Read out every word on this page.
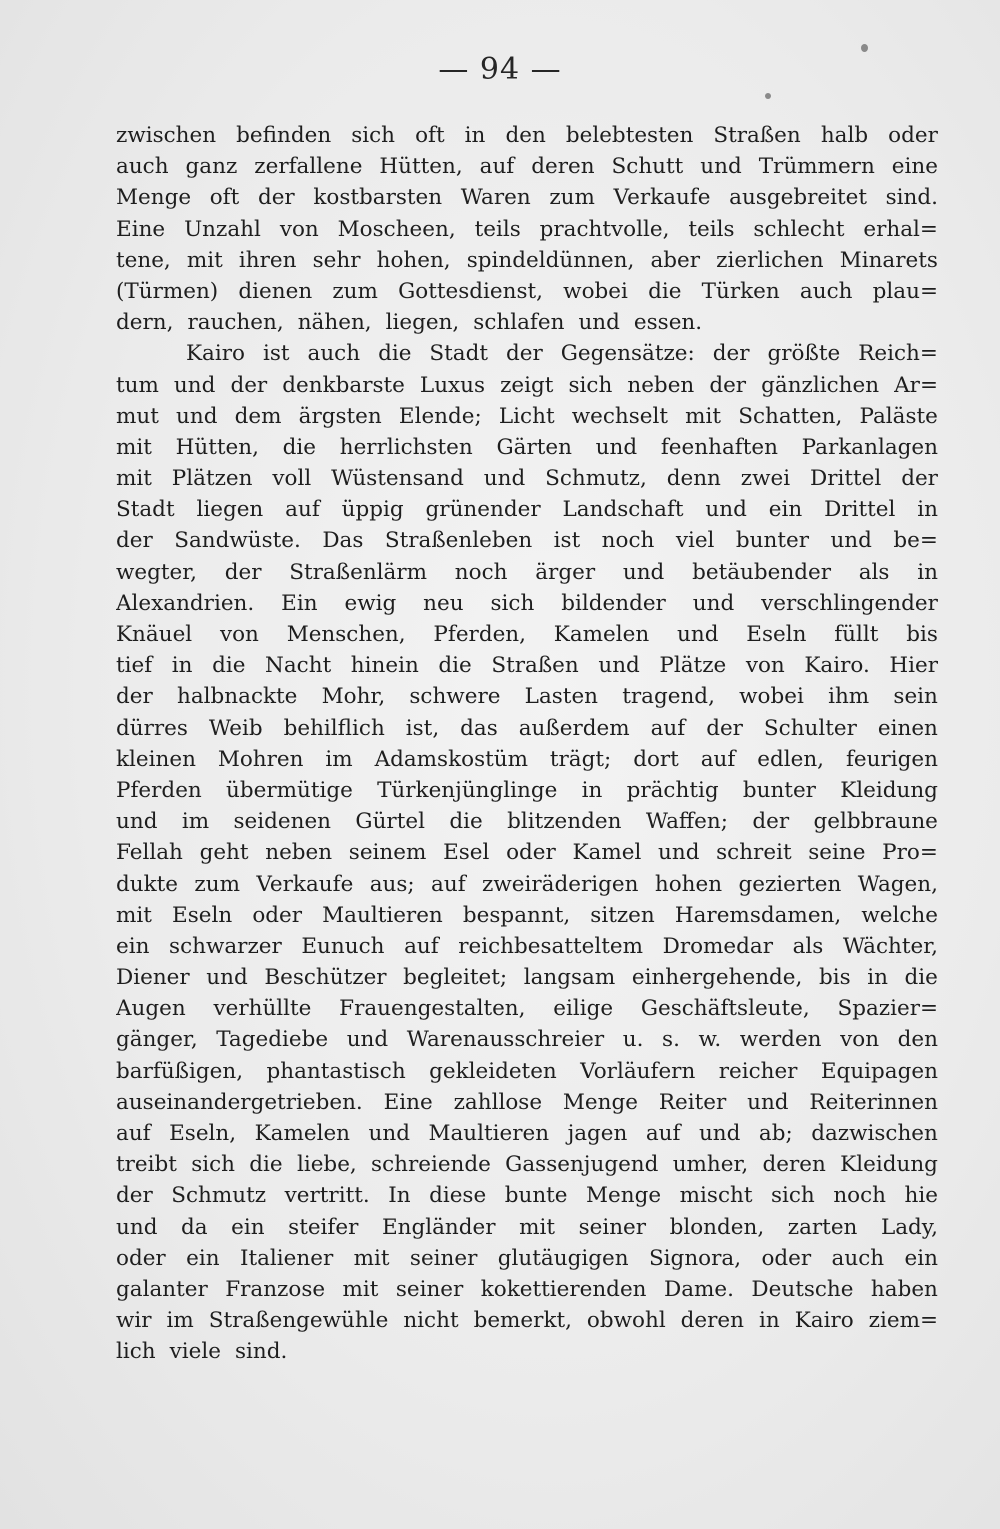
— 94 —
zwischen befinden sich oft in den belebtesten Straßen halb oder
auch ganz zerfallene Hütten, auf deren Schutt und Trümmern eine
Menge oft der kostbarsten Waren zum Verkaufe ausgebreitet sind.
Eine Unzahl von Moscheen, teils prachtvolle, teils schlecht erhal=
tene, mit ihren sehr hohen, spindeldünnen, aber zierlichen Minarets
(Türmen) dienen zum Gottesdienst, wobei die Türken auch plau=
dern, rauchen, nähen, liegen, schlafen und essen.
Kairo ist auch die Stadt der Gegensätze: der größte Reich=
tum und der denkbarste Luxus zeigt sich neben der gänzlichen Ar=
mut und dem ärgsten Elende; Licht wechselt mit Schatten, Paläste
mit Hütten, die herrlichsten Gärten und feenhaften Parkanlagen
mit Plätzen voll Wüstensand und Schmutz, denn zwei Drittel der
Stadt liegen auf üppig grünender Landschaft und ein Drittel in
der Sandwüste. Das Straßenleben ist noch viel bunter und be=
wegter, der Straßenlärm noch ärger und betäubender als in
Alexandrien. Ein ewig neu sich bildender und verschlingender
Knäuel von Menschen, Pferden, Kamelen und Eseln füllt bis
tief in die Nacht hinein die Straßen und Plätze von Kairo. Hier
der halbnackte Mohr, schwere Lasten tragend, wobei ihm sein
dürres Weib behilflich ist, das außerdem auf der Schulter einen
kleinen Mohren im Adamskostüm trägt; dort auf edlen, feurigen
Pferden übermütige Türkenjünglinge in prächtig bunter Kleidung
und im seidenen Gürtel die blitzenden Waffen; der gelbbraune
Fellah geht neben seinem Esel oder Kamel und schreit seine Pro=
dukte zum Verkaufe aus; auf zweiräderigen hohen gezierten Wagen,
mit Eseln oder Maultieren bespannt, sitzen Haremsdamen, welche
ein schwarzer Eunuch auf reichbesatteltem Dromedar als Wächter,
Diener und Beschützer begleitet; langsam einhergehende, bis in die
Augen verhüllte Frauengestalten, eilige Geschäftsleute, Spazier=
gänger, Tagediebe und Warenausschreier u. s. w. werden von den
barfüßigen, phantastisch gekleideten Vorläufern reicher Equipagen
auseinandergetrieben. Eine zahllose Menge Reiter und Reiterinnen
auf Eseln, Kamelen und Maultieren jagen auf und ab; dazwischen
treibt sich die liebe, schreiende Gassenjugend umher, deren Kleidung
der Schmutz vertritt. In diese bunte Menge mischt sich noch hie
und da ein steifer Engländer mit seiner blonden, zarten Lady,
oder ein Italiener mit seiner glutäugigen Signora, oder auch ein
galanter Franzose mit seiner kokettierenden Dame. Deutsche haben
wir im Straßengewühle nicht bemerkt, obwohl deren in Kairo ziem=
lich viele sind.
